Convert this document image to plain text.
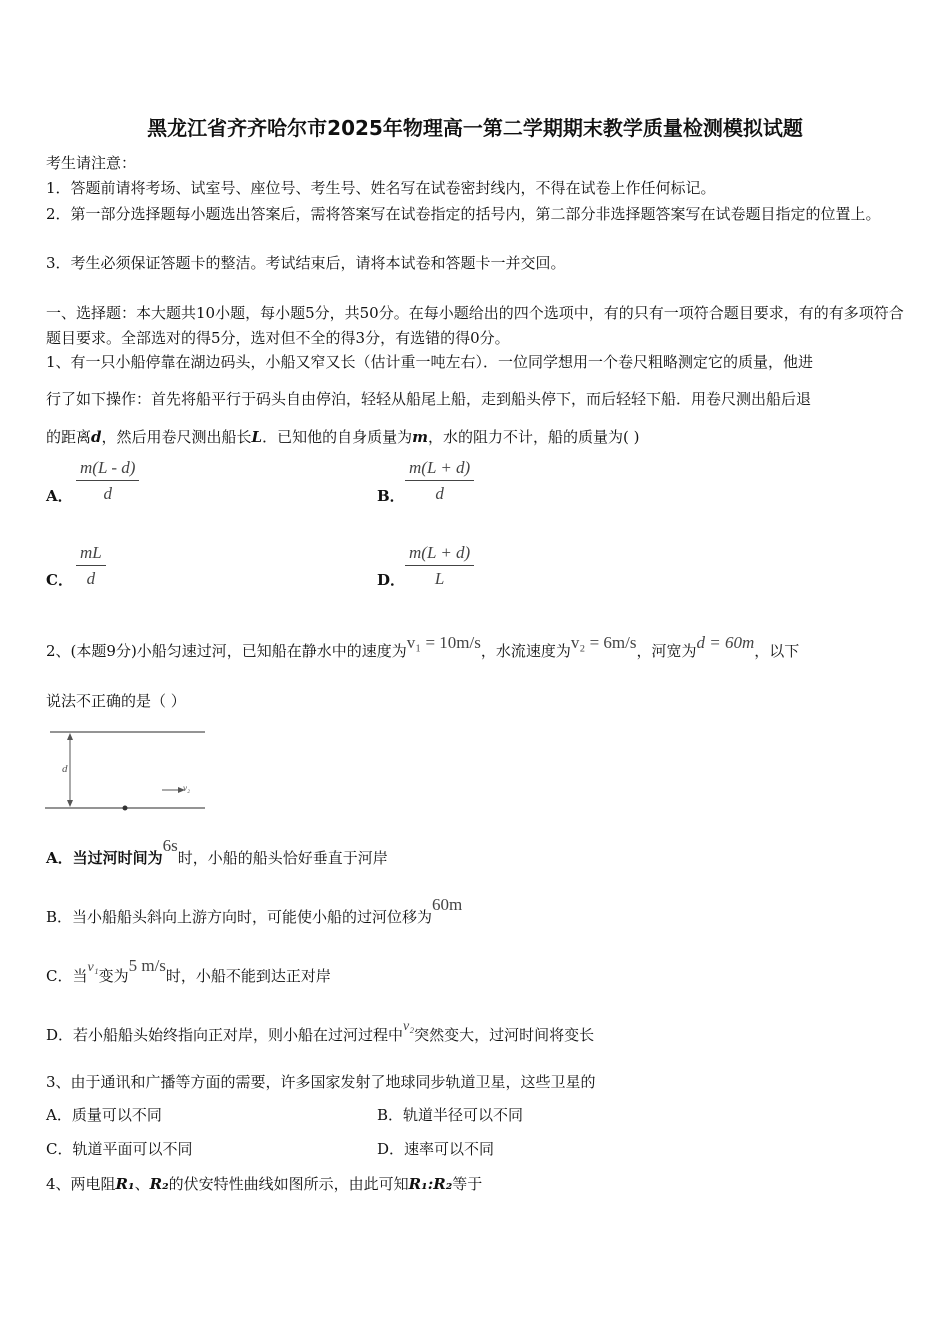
黑龙江省齐齐哈尔市2025年物理高一第二学期期末教学质量检测模拟试题
考生请注意：
1．答题前请将考场、试室号、座位号、考生号、姓名写在试卷密封线内，不得在试卷上作任何标记。
2．第一部分选择题每小题选出答案后，需将答案写在试卷指定的括号内，第二部分非选择题答案写在试卷题目指定的位置上。
3．考生必须保证答题卡的整洁。考试结束后，请将本试卷和答题卡一并交回。
一、选择题：本大题共10小题，每小题5分，共50分。在每小题给出的四个选项中，有的只有一项符合题目要求，有的有多项符合题目要求。全部选对的得5分，选对但不全的得3分，有选错的得0分。
1、有一只小船停靠在湖边码头，小船又窄又长（估计重一吨左右）．一位同学想用一个卷尺粗略测定它的质量，他进
行了如下操作：首先将船平行于码头自由停泊，轻轻从船尾上船，走到船头停下，而后轻轻下船．用卷尺测出船后退
的距离d，然后用卷尺测出船长L．已知他的自身质量为m，水的阻力不计，船的质量为( )
A． $\frac{m(L - d)}{d}$	B． $\frac{m(L + d)}{d}$
C． $\frac{mL}{d}$	D． $\frac{m(L + d)}{L}$
2、(本题9分)小船匀速过河，已知船在静水中的速度为v₁ = 10m/s，水流速度为v₂ = 6m/s，河宽为d = 60m，以下
说法不正确的是（ ）
d
v₂
A．当过河时间为6s时，小船的船头恰好垂直于河岸
B．当小船船头斜向上游方向时，可能使小船的过河位移为60m
C．当v₁变为5 m/s时，小船不能到达正对岸
D．若小船船头始终指向正对岸，则小船在过河过程中v₂突然变大，过河时间将变长
3、由于通讯和广播等方面的需要，许多国家发射了地球同步轨道卫星，这些卫星的
A．质量可以不同	B．轨道半径可以不同
C．轨道平面可以不同	D．速率可以不同
4、两电阻R₁、R₂的伏安特性曲线如图所示，由此可知R₁:R₂等于
